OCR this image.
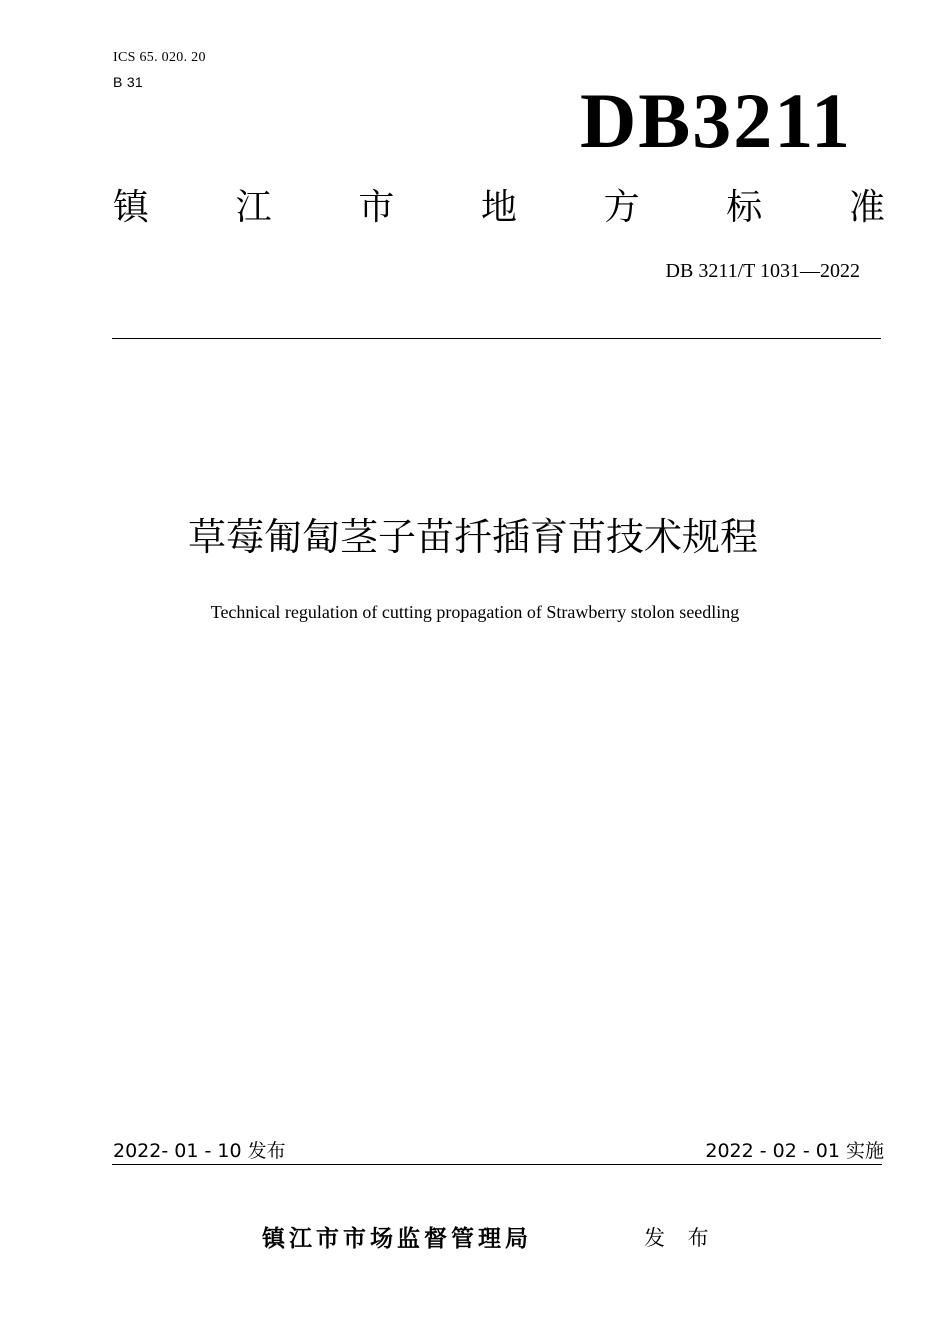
ICS 65. 020. 20
B 31	DB3211
镇 江 市 地 方 标 准
DB 3211/T 1031—2022
草莓匍匐茎子苗扦插育苗技术规程
Technical regulation of cutting propagation of Strawberry stolon seedling
2022- 01 - 10 发布	2022 - 02 - 01 实施
镇江市市场监督管理局	发 布
